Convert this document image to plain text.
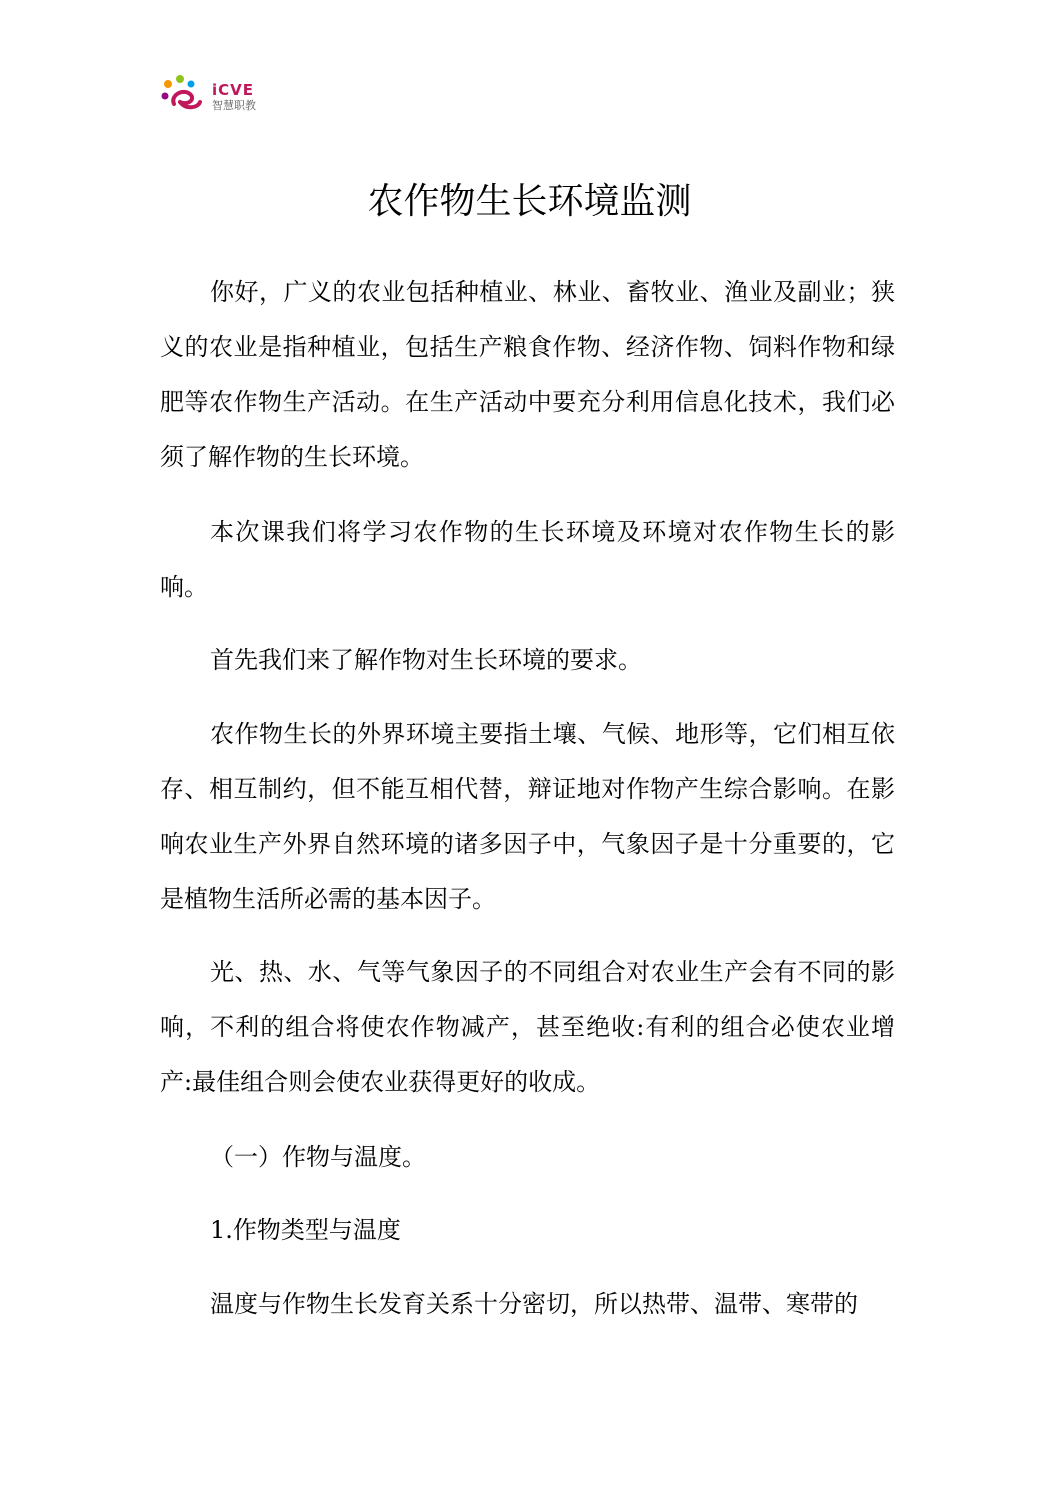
iCVE
智慧职教
农作物生长环境监测

你好，广义的农业包括种植业、林业、畜牧业、渔业及副业；狭义的农业是指种植业，包括生产粮食作物、经济作物、饲料作物和绿肥等农作物生产活动。在生产活动中要充分利用信息化技术，我们必须了解作物的生长环境。

本次课我们将学习农作物的生长环境及环境对农作物生长的影响。

首先我们来了解作物对生长环境的要求。

农作物生长的外界环境主要指土壤、气候、地形等，它们相互依存、相互制约，但不能互相代替，辩证地对作物产生综合影响。在影响农业生产外界自然环境的诸多因子中，气象因子是十分重要的，它是植物生活所必需的基本因子。

光、热、水、气等气象因子的不同组合对农业生产会有不同的影响，不利的组合将使农作物减产，甚至绝收:有利的组合必使农业增产:最佳组合则会使农业获得更好的收成。

（一）作物与温度。

1.作物类型与温度

温度与作物生长发育关系十分密切，所以热带、温带、寒带的
